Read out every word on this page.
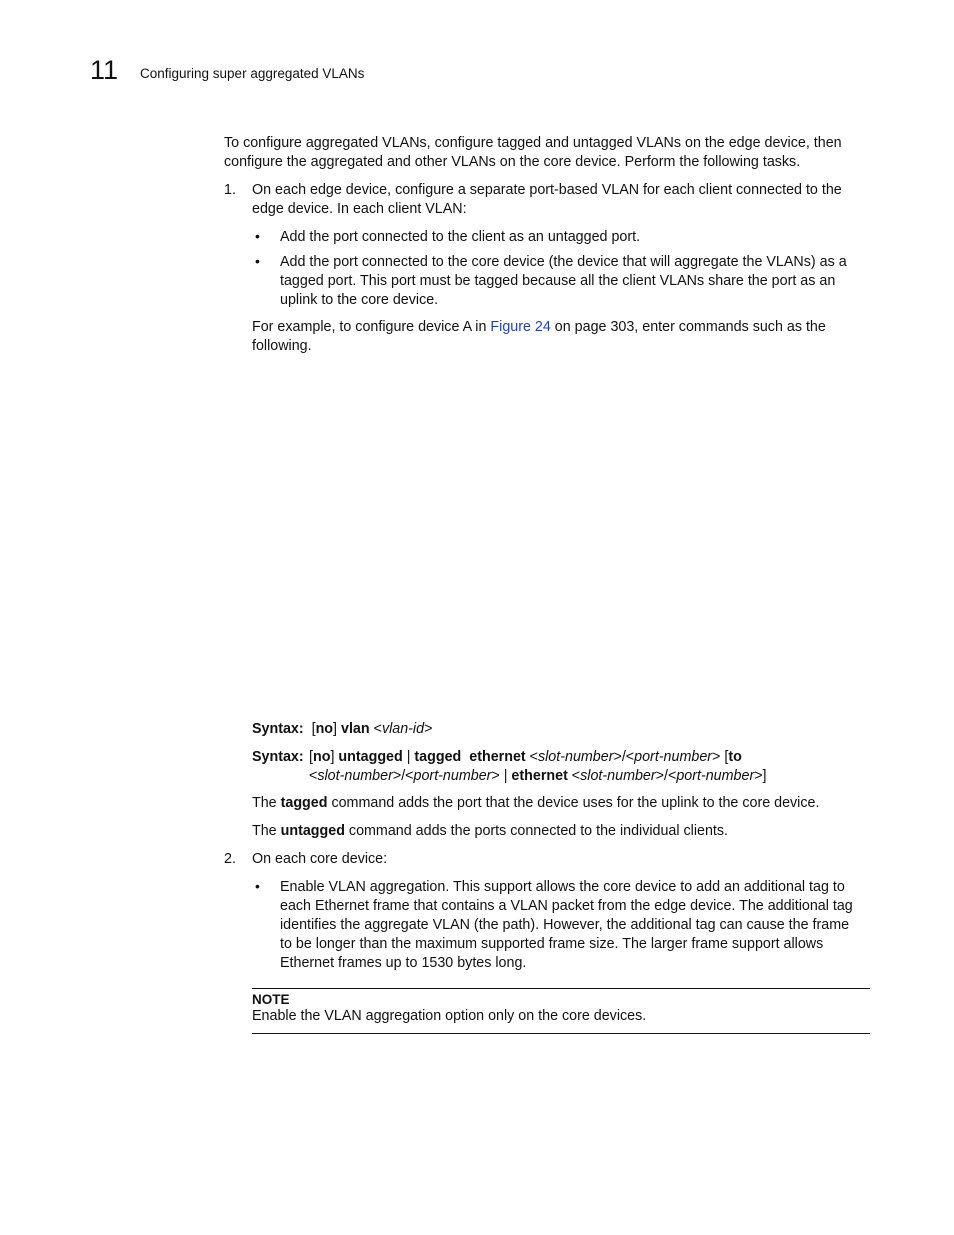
11 Configuring super aggregated VLANs

To configure aggregated VLANs, configure tagged and untagged VLANs on the edge device, then

configure the aggregated and other VLANs on the core device. Perform the following tasks.

1. On each edge device, configure a separate port-based VLAN for each client connected to the

edge device. In each client VLAN:

• Add the port connected to the client as an untagged port.

• Add the port connected to the core device (the device that will aggregate the VLANs) as a

tagged port. This port must be tagged because all the client VLANs share the port as an

uplink to the core device.

For example, to configure device A in Figure 24 on page 303, enter commands such as the

following.

Syntax:  [no] vlan <vlan-id>
Syntax: [no] untagged | tagged ethernet <slot-number>/<port-number> [to

<slot-number>/<port-number> | ethernet <slot-number>/<port-number>]

The tagged command adds the port that the device uses for the uplink to the core device.
The untagged command adds the ports connected to the individual clients.
2. On each core device:
• Enable VLAN aggregation. This support allows the core device to add an additional tag to

each Ethernet frame that contains a VLAN packet from the edge device. The additional tag

identifies the aggregate VLAN (the path). However, the additional tag can cause the frame

to be longer than the maximum supported frame size. The larger frame support allows

Ethernet frames up to 1530 bytes long.

NOTE
Enable the VLAN aggregation option only on the core devices.
